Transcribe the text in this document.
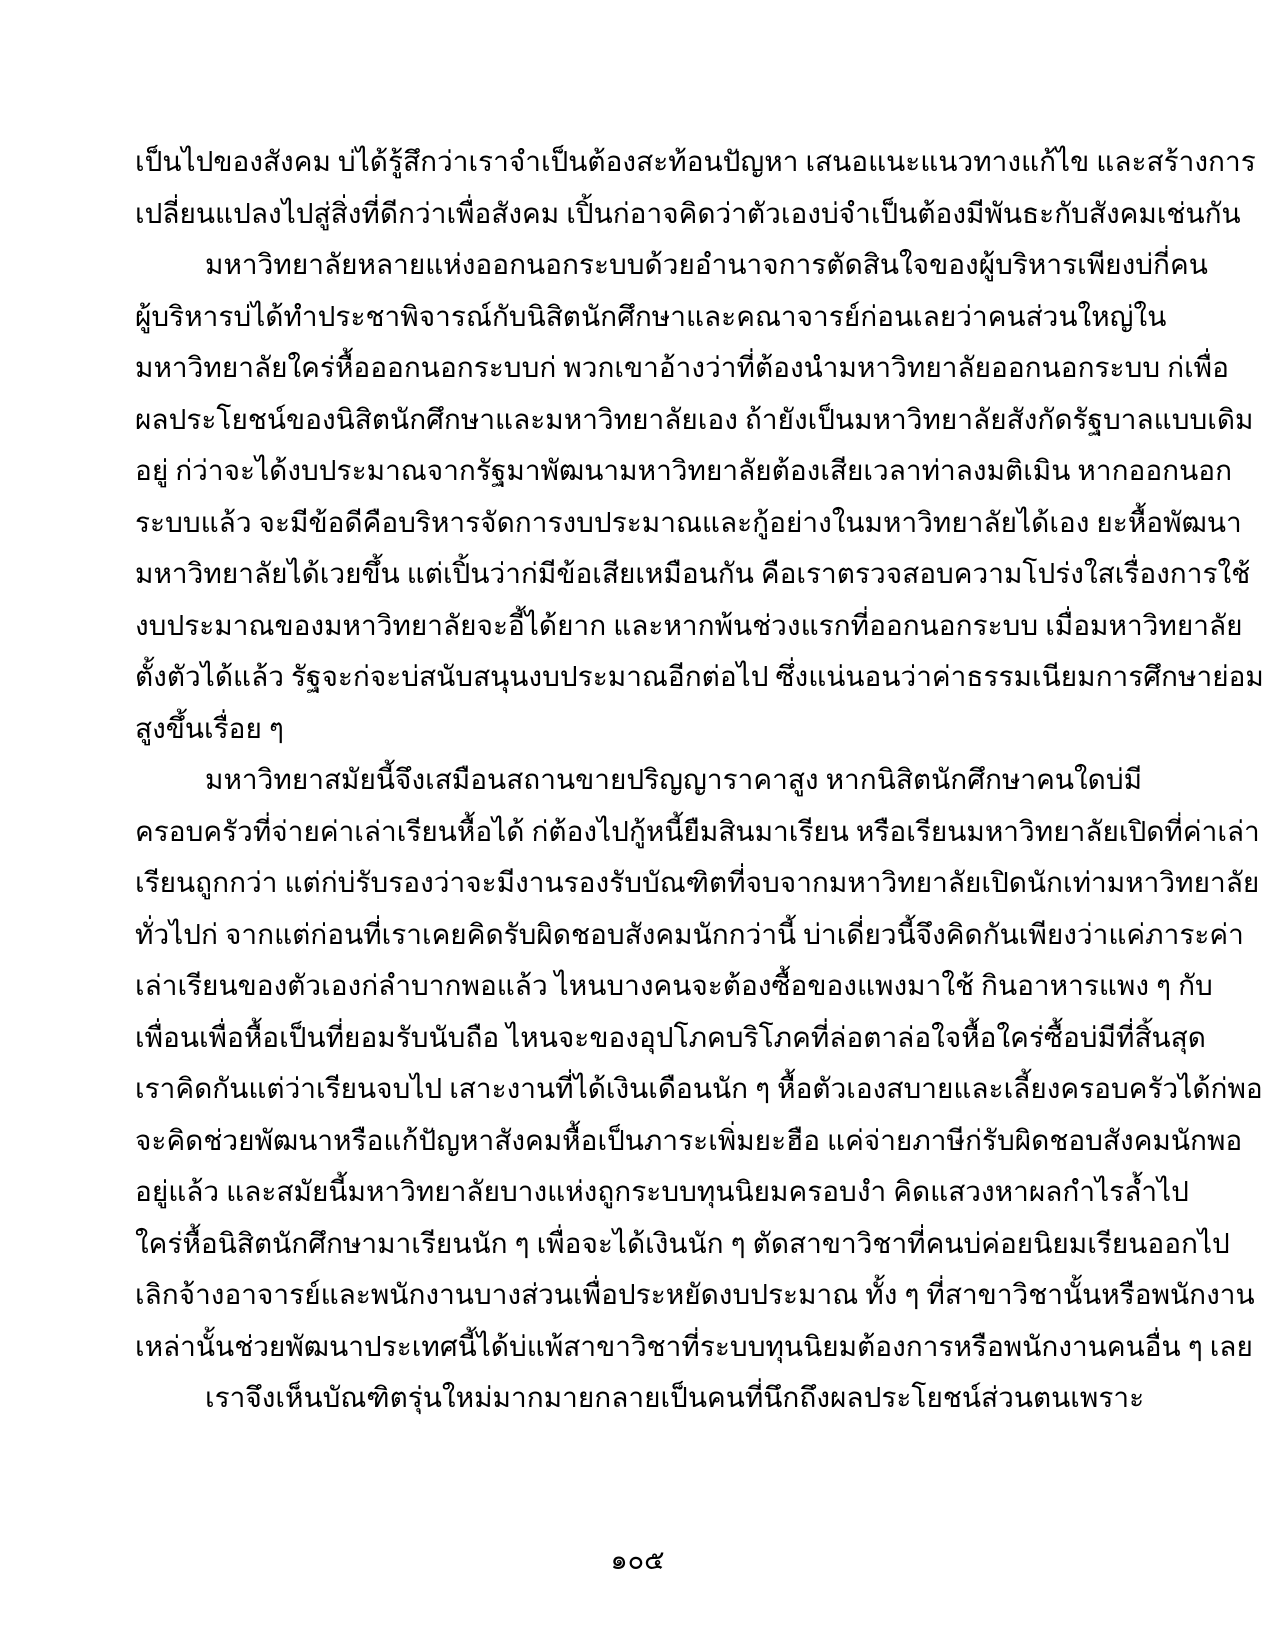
เป็นไปของสังคม บ่ได้รู้สึกว่าเราจำเป็นต้องสะท้อนปัญหา เสนอแนะแนวทางแก้ไข และสร้างการ
เปลี่ยนแปลงไปสู่สิ่งที่ดีกว่าเพื่อสังคม เปิ้นก่อาจคิดว่าตัวเองบ่จำเป็นต้องมีพันธะกับสังคมเช่นกัน
มหาวิทยาลัยหลายแห่งออกนอกระบบด้วยอำนาจการตัดสินใจของผู้บริหารเพียงบ่กี่คน
ผู้บริหารบ่ได้ทำประชาพิจารณ์กับนิสิตนักศึกษาและคณาจารย์ก่อนเลยว่าคนส่วนใหญ่ใน
มหาวิทยาลัยใคร่หื้อออกนอกระบบก่ พวกเขาอ้างว่าที่ต้องนำมหาวิทยาลัยออกนอกระบบ ก่เพื่อ
ผลประโยชน์ของนิสิตนักศึกษาและมหาวิทยาลัยเอง ถ้ายังเป็นมหาวิทยาลัยสังกัดรัฐบาลแบบเดิม
อยู่ ก่ว่าจะได้งบประมาณจากรัฐมาพัฒนามหาวิทยาลัยต้องเสียเวลาท่าลงมติเมิน หากออกนอก
ระบบแล้ว จะมีข้อดีคือบริหารจัดการงบประมาณและกู้อย่างในมหาวิทยาลัยได้เอง ยะหื้อพัฒนา
มหาวิทยาลัยได้เวยขึ้น แต่เปิ้นว่าก่มีข้อเสียเหมือนกัน คือเราตรวจสอบความโปร่งใสเรื่องการใช้
งบประมาณของมหาวิทยาลัยจะอี้ได้ยาก และหากพ้นช่วงแรกที่ออกนอกระบบ เมื่อมหาวิทยาลัย
ตั้งตัวได้แล้ว รัฐจะก่จะบ่สนับสนุนงบประมาณอีกต่อไป ซึ่งแน่นอนว่าค่าธรรมเนียมการศึกษาย่อม
สูงขึ้นเรื่อย ๆ
มหาวิทยาสมัยนี้จึงเสมือนสถานขายปริญญาราคาสูง หากนิสิตนักศึกษาคนใดบ่มี
ครอบครัวที่จ่ายค่าเล่าเรียนหื้อได้ ก่ต้องไปกู้หนี้ยืมสินมาเรียน หรือเรียนมหาวิทยาลัยเปิดที่ค่าเล่า
เรียนถูกกว่า แต่ก่บ่รับรองว่าจะมีงานรองรับบัณฑิตที่จบจากมหาวิทยาลัยเปิดนักเท่ามหาวิทยาลัย
ทั่วไปก่ จากแต่ก่อนที่เราเคยคิดรับผิดชอบสังคมนักกว่านี้ บ่าเดี่ยวนี้จึงคิดกันเพียงว่าแค่ภาระค่า
เล่าเรียนของตัวเองก่ลำบากพอแล้ว ไหนบางคนจะต้องซื้อของแพงมาใช้ กินอาหารแพง ๆ กับ
เพื่อนเพื่อหื้อเป็นที่ยอมรับนับถือ ไหนจะของอุปโภคบริโภคที่ล่อตาล่อใจหื้อใคร่ซื้อบ่มีที่สิ้นสุด
เราคิดกันแต่ว่าเรียนจบไป เสาะงานที่ได้เงินเดือนนัก ๆ หื้อตัวเองสบายและเลี้ยงครอบครัวได้ก่พอ
จะคิดช่วยพัฒนาหรือแก้ปัญหาสังคมหื้อเป็นภาระเพิ่มยะฮือ แค่จ่ายภาษีก่รับผิดชอบสังคมนักพอ
อยู่แล้ว และสมัยนี้มหาวิทยาลัยบางแห่งถูกระบบทุนนิยมครอบงำ คิดแสวงหาผลกำไรล้ำไป
ใคร่หื้อนิสิตนักศึกษามาเรียนนัก ๆ เพื่อจะได้เงินนัก ๆ ตัดสาขาวิชาที่คนบ่ค่อยนิยมเรียนออกไป
เลิกจ้างอาจารย์และพนักงานบางส่วนเพื่อประหยัดงบประมาณ ทั้ง ๆ ที่สาขาวิชานั้นหรือพนักงาน
เหล่านั้นช่วยพัฒนาประเทศนี้ได้บ่แพ้สาขาวิชาที่ระบบทุนนิยมต้องการหรือพนักงานคนอื่น ๆ เลย
เราจึงเห็นบัณฑิตรุ่นใหม่มากมายกลายเป็นคนที่นึกถึงผลประโยชน์ส่วนตนเพราะ
๑๐๕
